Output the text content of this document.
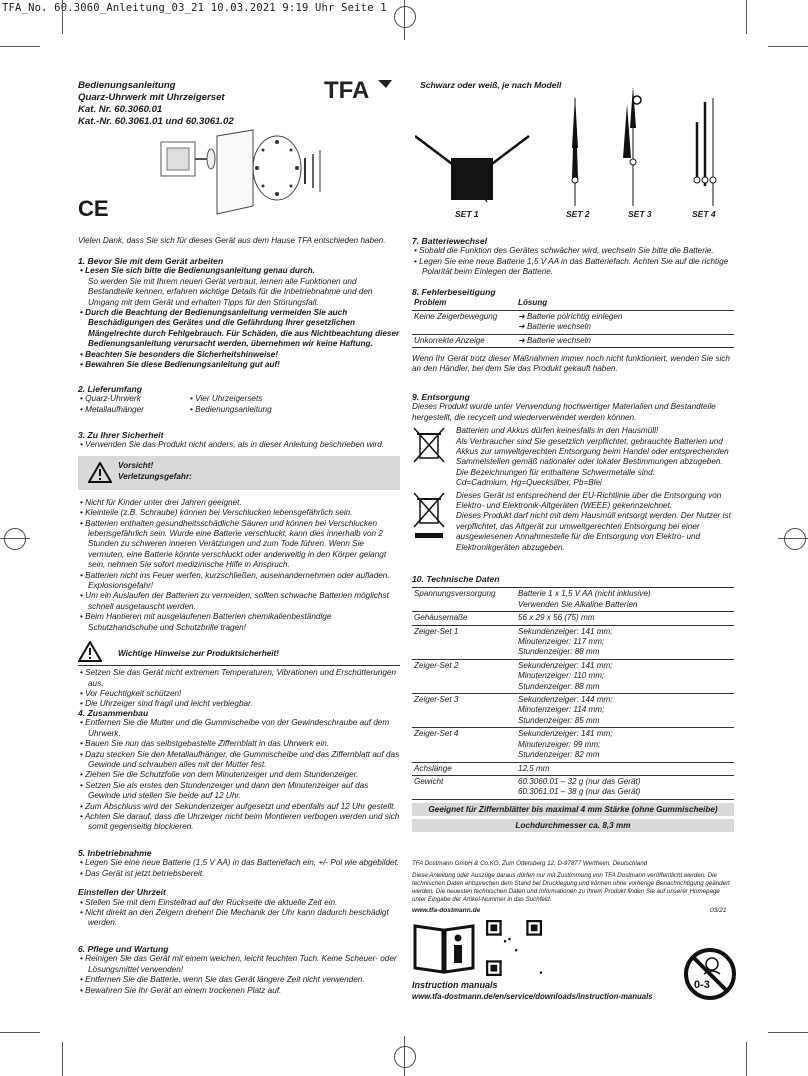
TFA_No. 60.3060_Anleitung_03_21 10.03.2021 9:19 Uhr Seite 1
Bedienungsanleitung
Quarz-Uhrwerk mit Uhrzeigerset
Kat. Nr. 60.3060.01
Kat.-Nr. 60.3061.01 und 60.3061.02
TFA
CE
Schwarz oder weiß, je nach Modell
SET 1	SET 2	SET 3	SET 4
Vielen Dank, dass Sie sich für dieses Gerät aus dem Hause TFA entschieden haben.
1. Bevor Sie mit dem Gerät arbeiten

• Lesen Sie sich bitte die Bedienungsanleitung genau durch.

So werden Sie mit Ihrem neuen Gerät vertraut, lernen alle Funktionen und Bestandteile kennen, erfahren wichtige Details für die Inbetriebnahme und den Umgang mit dem Gerät und erhalten Tipps für den Störungsfall.

• Durch die Beachtung der Bedienungsanleitung vermeiden Sie auch Beschädigungen des Gerätes und die Gefährdung Ihrer gesetzlichen Mängelrechte durch Fehlgebrauch. Für Schäden, die aus Nichtbeachtung dieser Bedienungsanleitung verursacht werden, übernehmen wir keine Haftung.

• Beachten Sie besonders die Sicherheitshinweise!

• Bewahren Sie diese Bedienungsanleitung gut auf!

2. Lieferumfang

• Quarz-Uhrwerk	• Vier Uhrzeigersets

• Metallaufhänger	• Bedienungsanleitung

3. Zu Ihrer Sicherheit

• Verwenden Sie das Produkt nicht anders, als in dieser Anleitung beschrieben wird.

Vorsicht!
Verletzungsgefahr:

• Nicht für Kinder unter drei Jahren geeignet.

• Kleinteile (z.B. Schraube) können bei Verschlucken lebensgefährlich sein.

• Batterien enthalten gesundheitsschädliche Säuren und können bei Verschlucken lebensgefährlich sein. Wurde eine Batterie verschluckt, kann dies innerhalb von 2 Stunden zu schweren inneren Verätzungen und zum Tode führen. Wenn Sie vermuten, eine Batterie könnte verschluckt oder anderweitig in den Körper gelangt sein, nehmen Sie sofort medizinische Hilfe in Anspruch.

• Batterien nicht ins Feuer werfen, kurzschließen, auseinandernehmen oder aufladen. Explosionsgefahr!

• Um ein Auslaufen der Batterien zu vermeiden, sollten schwache Batterien möglichst schnell ausgetauscht werden.

• Beim Hantieren mit ausgelaufenen Batterien chemikalienbeständige Schutzhandschuhe und Schutzbrille tragen!

Wichtige Hinweise zur Produktsicherheit!

• Setzen Sie das Gerät nicht extremen Temperaturen, Vibrationen und Erschütterungen aus.

• Vor Feuchtigkeit schützen!

• Die Uhrzeiger sind fragil und leicht verbiegbar.

4. Zusammenbau

• Entfernen Sie die Mutter und die Gummischeibe von der Gewindeschraube auf dem Uhrwerk.

• Bauen Sie nun das selbstgebastelte Ziffernblatt in das Uhrwerk ein.

• Dazu stecken Sie den Metallaufhänger, die Gummischeibe und das Ziffernblatt auf das Gewinde und schrauben alles mit der Mutter fest.

• Ziehen Sie die Schutzfolie von dem Minutenzeiger und dem Stundenzeiger.

• Setzen Sie als erstes den Stundenzeiger und dann den Minutenzeiger auf das Gewinde und stellen Sie beide auf 12 Uhr.

• Zum Abschluss wird der Sekundenzeiger aufgesetzt und ebenfalls auf 12 Uhr gestellt.

• Achten Sie darauf, dass die Uhrzeiger nicht beim Montieren verbogen werden und sich somit gegenseitig blockieren.

5. Inbetriebnahme

• Legen Sie eine neue Batterie (1,5 V AA) in das Batteriefach ein, +/- Pol wie abgebildet.

• Das Gerät ist jetzt betriebsbereit.

Einstellen der Uhrzeit

• Stellen Sie mit dem Einstellrad auf der Rückseite die aktuelle Zeit ein.

• Nicht direkt an den Zeigern drehen! Die Mechanik der Uhr kann dadurch beschädigt werden.

6. Pflege und Wartung

• Reinigen Sie das Gerät mit einem weichen, leicht feuchten Tuch. Keine Scheuer- oder Lösungsmittel verwenden!

• Entfernen Sie die Batterie, wenn Sie das Gerät längere Zeit nicht verwenden.

• Bewahren Sie Ihr Gerät an einem trockenen Platz auf.

7. Batteriewechsel

• Sobald die Funktion des Gerätes schwächer wird, wechseln Sie bitte die Batterie.

• Legen Sie eine neue Batterie 1,5 V AA in das Batteriefach. Achten Sie auf die richtige Polarität beim Einlegen der Batterie.

8. Fehlerbeseitigung
Problem	Lösung
Keine Zeigerbewegung	➜ Batterie polrichtig einlegen
➜ Batterie wechseln

Unkorrekte Anzeige	➜ Batterie wechseln
Wenn Ihr Gerät trotz dieser Maßnahmen immer noch nicht funktioniert, wenden Sie sich an den Händler, bei dem Sie das Produkt gekauft haben.
9. Entsorgung
Dieses Produkt wurde unter Verwendung hochwertiger Materialien und Bestandteile hergestellt, die recycelt und wiederverwendet werden können.
Batterien und Akkus dürfen keinesfalls in den Hausmüll!
Als Verbraucher sind Sie gesetzlich verpflichtet, gebrauchte Batterien und Akkus zur umweltgerechten Entsorgung beim Handel oder entsprechenden Sammelstellen gemäß nationaler oder lokaler Bestimmungen abzugeben.
Die Bezeichnungen für enthaltene Schwermetalle sind:
Cd=Cadmium, Hg=Quecksilber, Pb=Blei
Dieses Gerät ist entsprechend der EU-Richtlinie über die Entsorgung von Elektro- und Elektronik-Altgeräten (WEEE) gekennzeichnet.
Dieses Produkt darf nicht mit dem Hausmüll entsorgt werden. Der Nutzer ist verpflichtet, das Altgerät zur umweltgerechten Entsorgung bei einer ausgewiesenen Annahmestelle für die Entsorgung von Elektro- und Elektronikgeräten abzugeben.
10. Technische Daten
Spannungsversorgung	Batterie 1 x 1,5 V AA (nicht inklusive)
Verwenden Sie Alkaline Batterien

Gehäusemaße	56 x 29 x 56 (75) mm

Zeiger-Set 1	Sekundenzeiger: 141 mm;
Minutenzeiger: 117 mm;
Stundenzeiger: 88 mm

Zeiger-Set 2	Sekundenzeiger: 141 mm;
Minutenzeiger: 110 mm;
Stundenzeiger: 88 mm

Zeiger-Set 3	Sekundenzeiger: 144 mm;
Minutenzeiger: 114 mm;
Stundenzeiger: 85 mm

Zeiger-Set 4	Sekundenzeiger: 141 mm;
Minutenzeiger: 99 mm;
Stundenzeiger: 82 mm

Achslänge	12,5 mm

Gewicht	60.3060.01 – 32 g (nur das Gerät)
60.3061.01 – 38 g (nur das Gerät)
Geeignet für Ziffernblätter bis maximal 4 mm Stärke (ohne Gummischeibe)
Lochdurchmesser ca. 8,3 mm
TFA Dostmann GmbH & Co.KG, Zum Ottersberg 12, D-97877 Wertheim, Deutschland
Diese Anleitung oder Auszüge daraus dürfen nur mit Zustimmung von TFA Dostmann veröffentlicht werden. Die technischen Daten entsprechen dem Stand bei Drucklegung und können ohne vorherige Benachrichtigung geändert werden. Die neuesten technischen Daten und Informationen zu Ihrem Produkt finden Sie auf unserer Homepage unter Eingabe der Artikel-Nummer in das Suchfeld.
www.tfa-dostmann.de	03/21
Instruction manuals
www.tfa-dostmann.de/en/service/downloads/instruction-manuals
0-3
